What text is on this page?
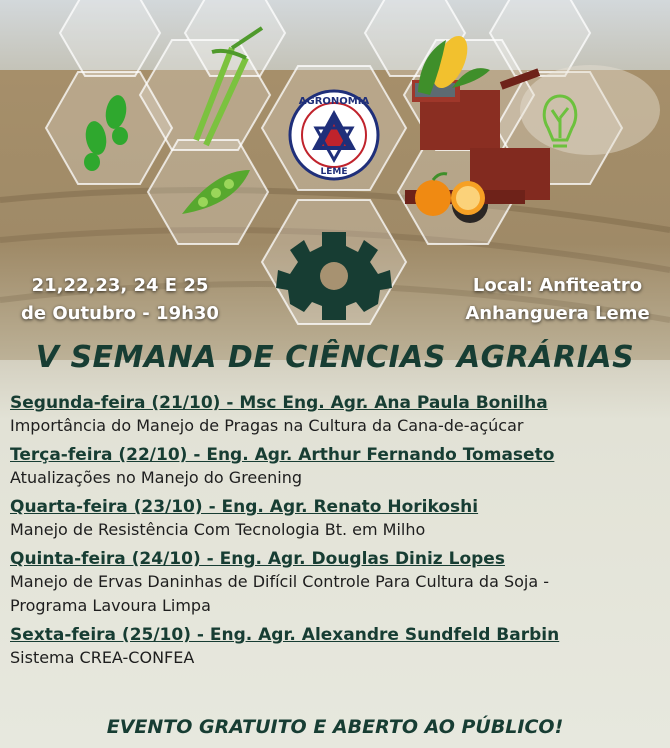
AGRONOMIA
LEME
21,22,23, 24 E 25
de Outubro - 19h30
Local: Anfiteatro
Anhanguera Leme
V SEMANA DE CIÊNCIAS AGRÁRIAS
Segunda-feira (21/10) - Msc Eng. Agr. Ana Paula Bonilha
Importância do Manejo de Pragas na Cultura da Cana-de-açúcar
Terça-feira (22/10) - Eng. Agr. Arthur Fernando Tomaseto
Atualizações no Manejo do Greening
Quarta-feira (23/10) - Eng. Agr. Renato Horikoshi
Manejo de Resistência Com Tecnologia Bt. em Milho
Quinta-feira (24/10) - Eng. Agr. Douglas Diniz Lopes
Manejo de Ervas Daninhas de Difícil Controle Para Cultura da Soja -
Programa Lavoura Limpa
Sexta-feira (25/10) - Eng. Agr. Alexandre Sundfeld Barbin
Sistema CREA-CONFEA
EVENTO GRATUITO E ABERTO AO PÚBLICO!
